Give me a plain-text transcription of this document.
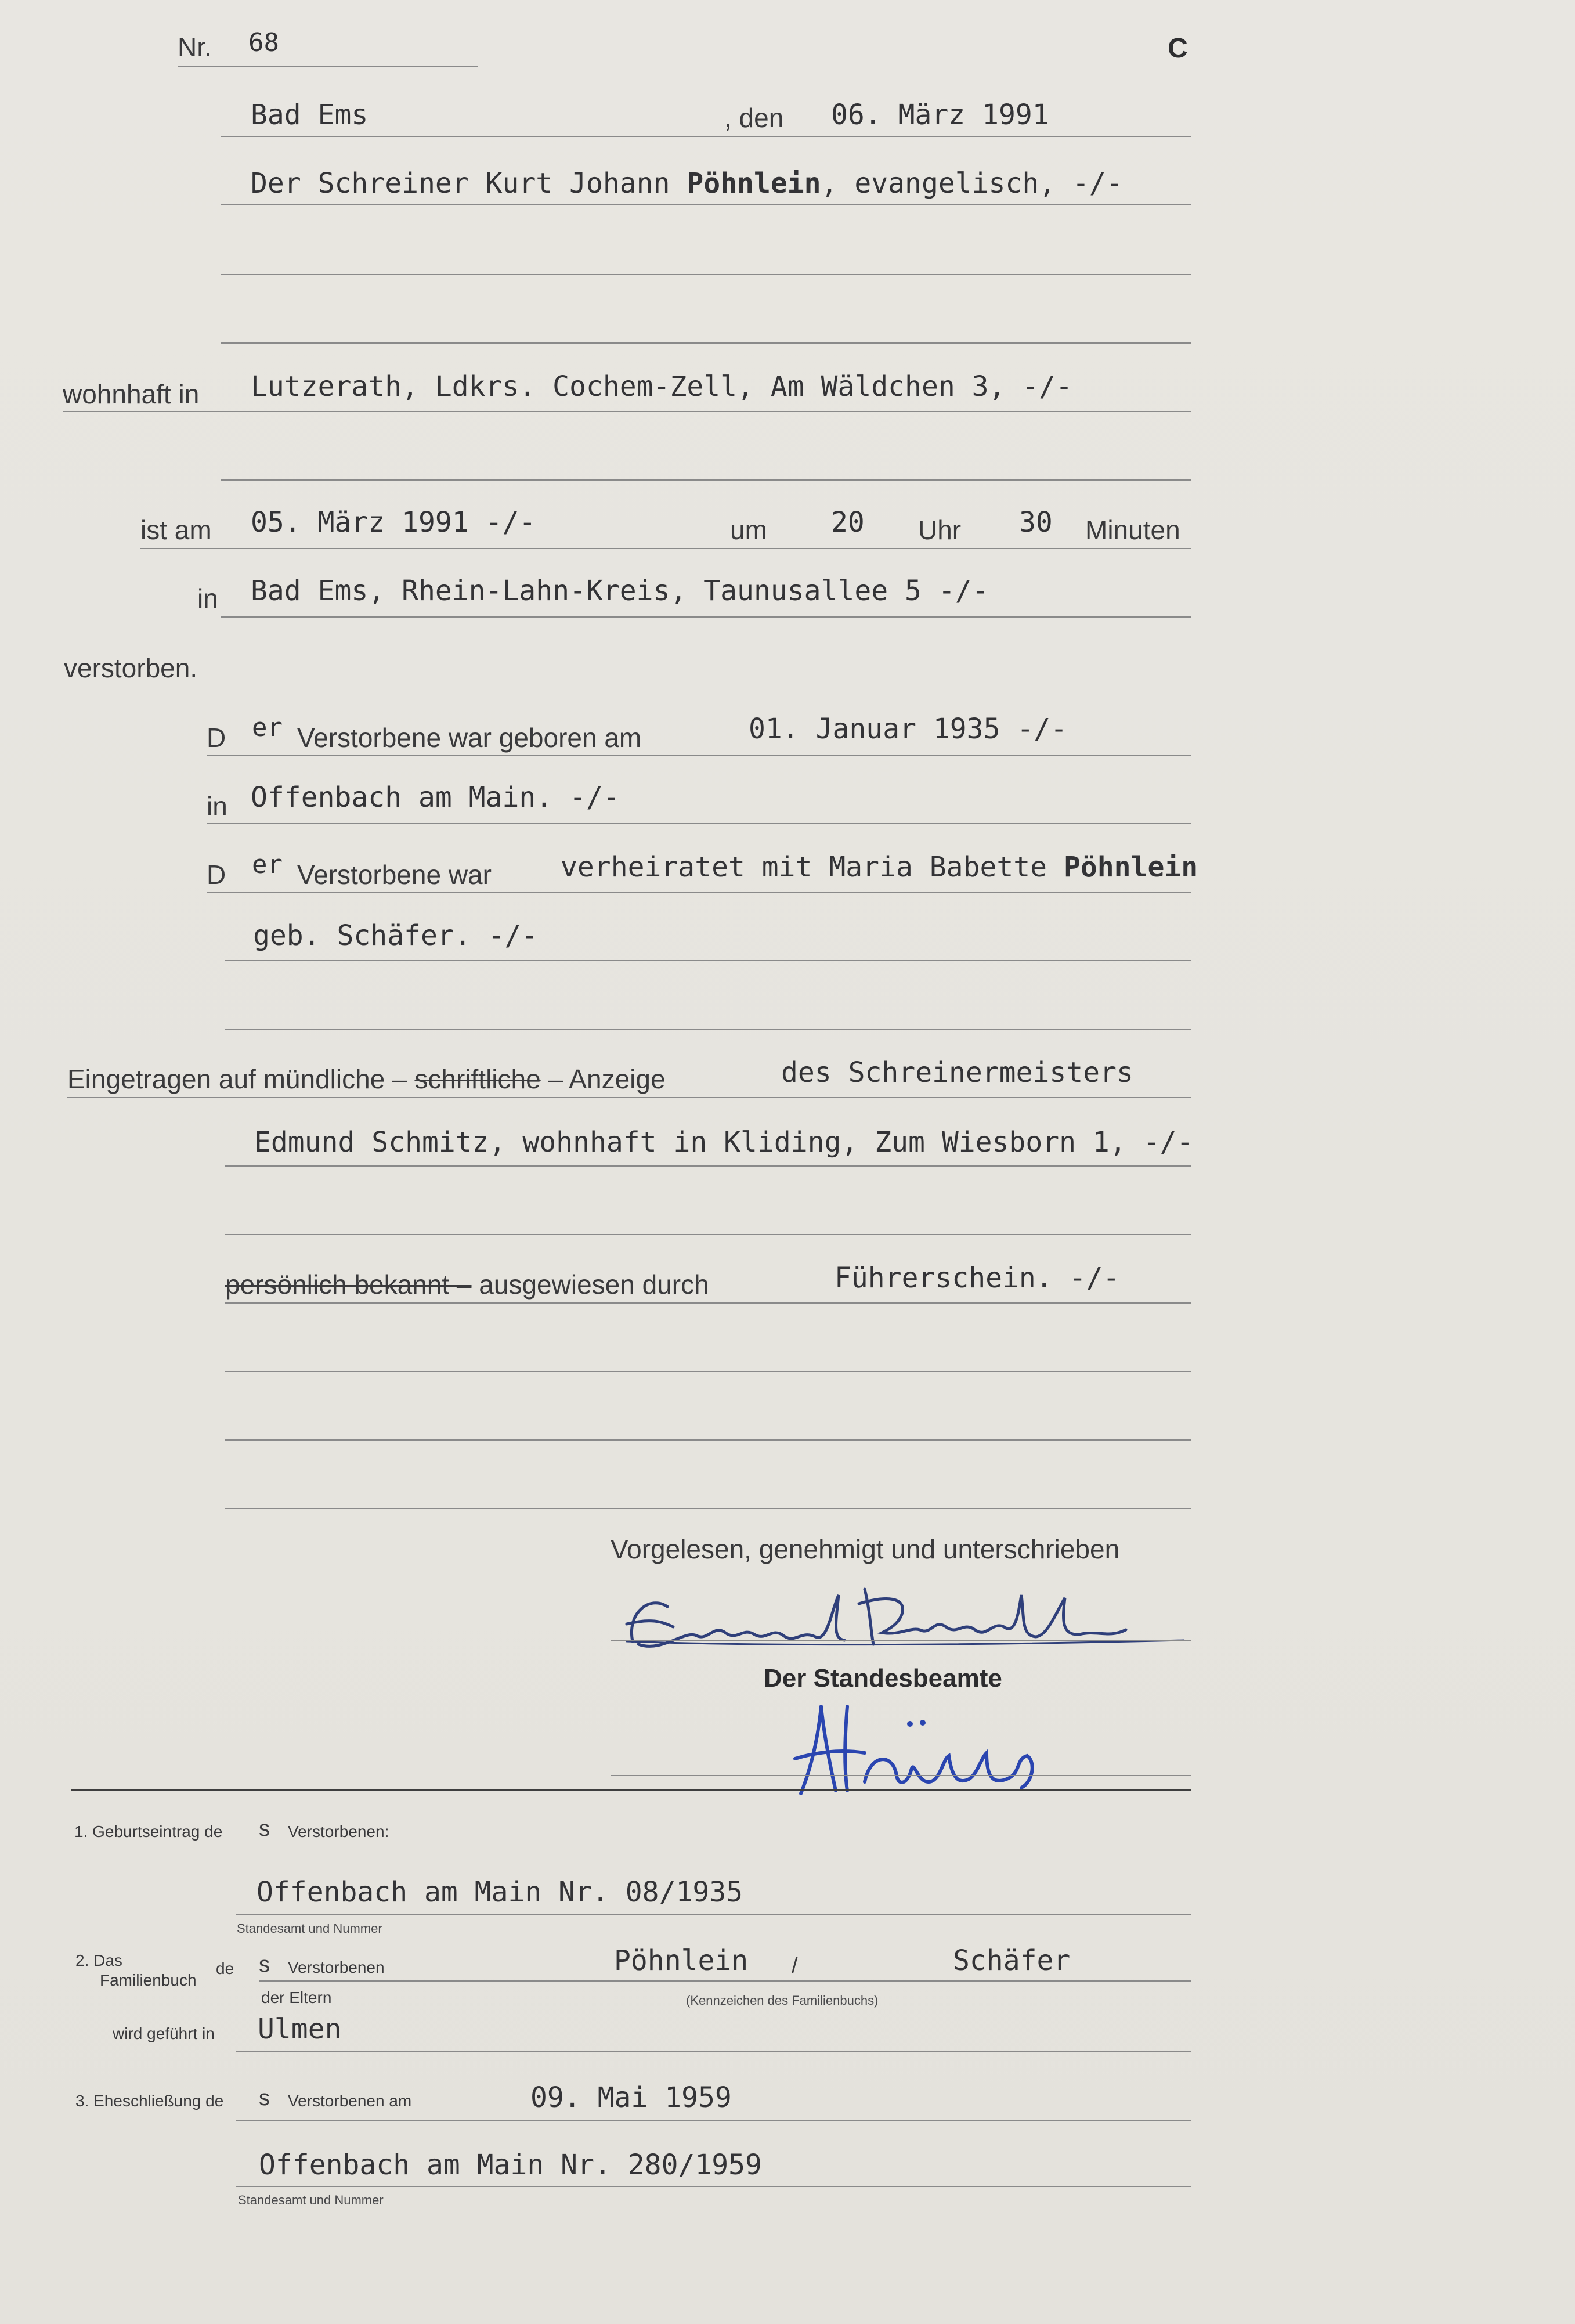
Nr. 68	C
Bad Ems	, den 06. März 1991
Der Schreiner Kurt Johann Pöhnlein, evangelisch, -/-
wohnhaft in Lutzerath, Ldkrs. Cochem-Zell, Am Wäldchen 3, -/-
ist am 05. März 1991 -/-	um 20 Uhr 30 Minuten
in Bad Ems, Rhein-Lahn-Kreis, Taunusallee 5 -/-
verstorben.
D er Verstorbene war geboren am	01. Januar 1935 -/-
in Offenbach am Main. -/-
D er Verstorbene war verheiratet mit Maria Babette Pöhnlein
geb. Schäfer. -/-
Eingetragen auf mündliche – schriftliche – Anzeige	des Schreinermeisters
Edmund Schmitz, wohnhaft in Kliding, Zum Wiesborn 1, -/-
persönlich bekannt – ausgewiesen durch	Führerschein. -/-
Vorgelesen, genehmigt und unterschrieben
Der Standesbeamte
1. Geburtseintrag de s Verstorbenen:
Offenbach am Main Nr. 08/1935
Standesamt und Nummer
2. Das
Familienbuch
de s Verstorbenen
der Eltern
Pöhnlein /	Schäfer
(Kennzeichen des Familienbuchs)
wird geführt in Ulmen
3. Eheschließung de s Verstorbenen am	09. Mai 1959
Offenbach am Main Nr. 280/1959
Standesamt und Nummer
